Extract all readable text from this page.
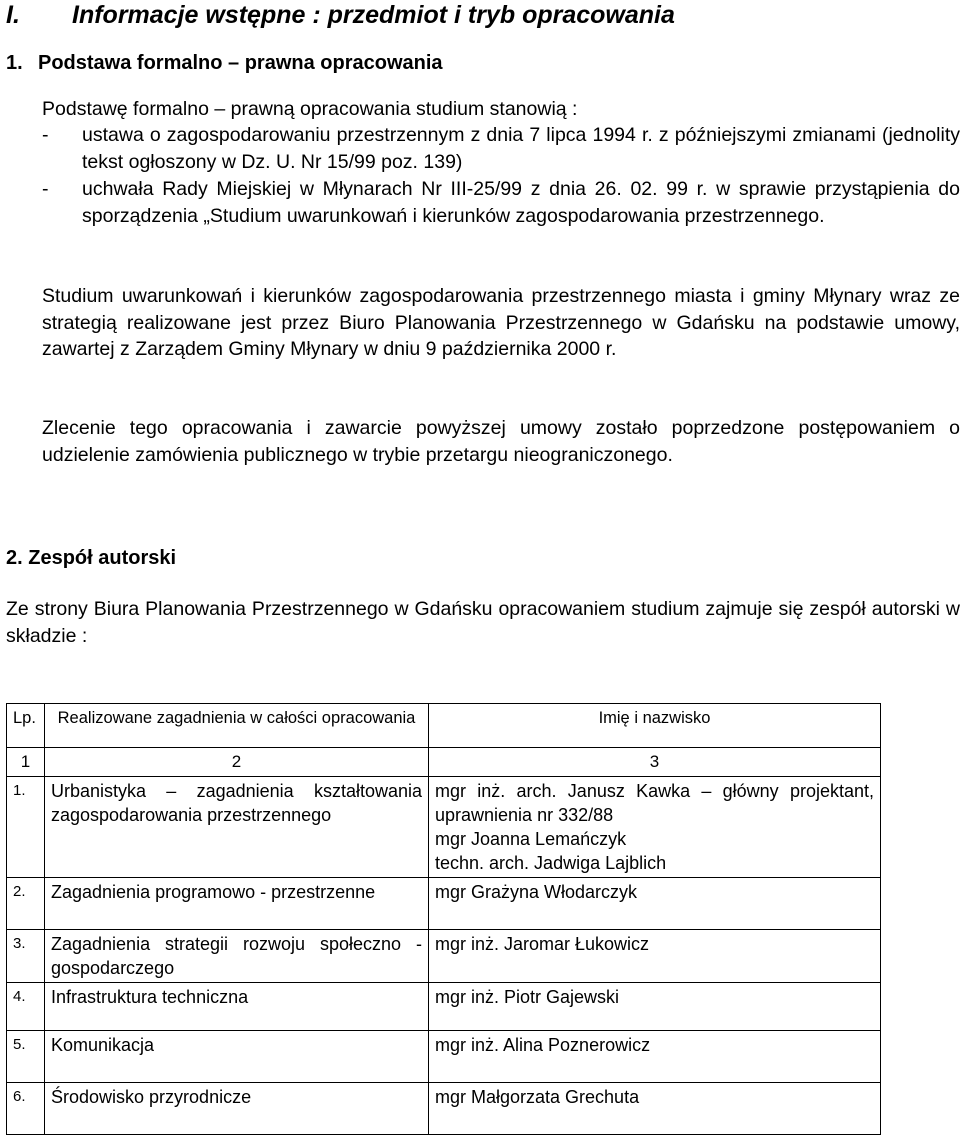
I. Informacje wstępne : przedmiot i tryb opracowania
1. Podstawa formalno – prawna opracowania
Podstawę formalno – prawną opracowania studium stanowią :
- ustawa o zagospodarowaniu przestrzennym z dnia 7 lipca 1994 r. z późniejszymi zmianami (jednolity tekst ogłoszony w Dz. U. Nr 15/99 poz. 139)
- uchwała Rady Miejskiej w Młynarach Nr III-25/99 z dnia 26. 02. 99 r. w sprawie przystąpienia do sporządzenia „Studium uwarunkowań i kierunków zagospodarowania przestrzennego.
Studium uwarunkowań i kierunków zagospodarowania przestrzennego miasta i gminy Młynary wraz ze strategią realizowane jest przez Biuro Planowania Przestrzennego w Gdańsku na podstawie umowy, zawartej z Zarządem Gminy Młynary w dniu 9 października 2000 r.
Zlecenie tego opracowania i zawarcie powyższej umowy zostało poprzedzone postępowaniem o udzielenie zamówienia publicznego w trybie przetargu nieograniczonego.
2. Zespół autorski
Ze strony Biura Planowania Przestrzennego w Gdańsku opracowaniem studium zajmuje się zespół autorski w składzie :
Lp.	Realizowane zagadnienia w całości opracowania	Imię i nazwisko
1	2	3
1.	Urbanistyka – zagadnienia kształtowania zagospodarowania przestrzennego	mgr inż. arch. Janusz Kawka – główny projektant, uprawnienia nr 332/88
mgr Joanna Lemańczyk
techn. arch. Jadwiga Lajblich

2.	Zagadnienia programowo - przestrzenne	mgr Grażyna Włodarczyk
3.	Zagadnienia strategii rozwoju społeczno - gospodarczego	mgr inż. Jaromar Łukowicz
4.	Infrastruktura techniczna	mgr inż. Piotr Gajewski
5.	Komunikacja	mgr inż. Alina Poznerowicz
6.	Środowisko przyrodnicze	mgr Małgorzata Grechuta
